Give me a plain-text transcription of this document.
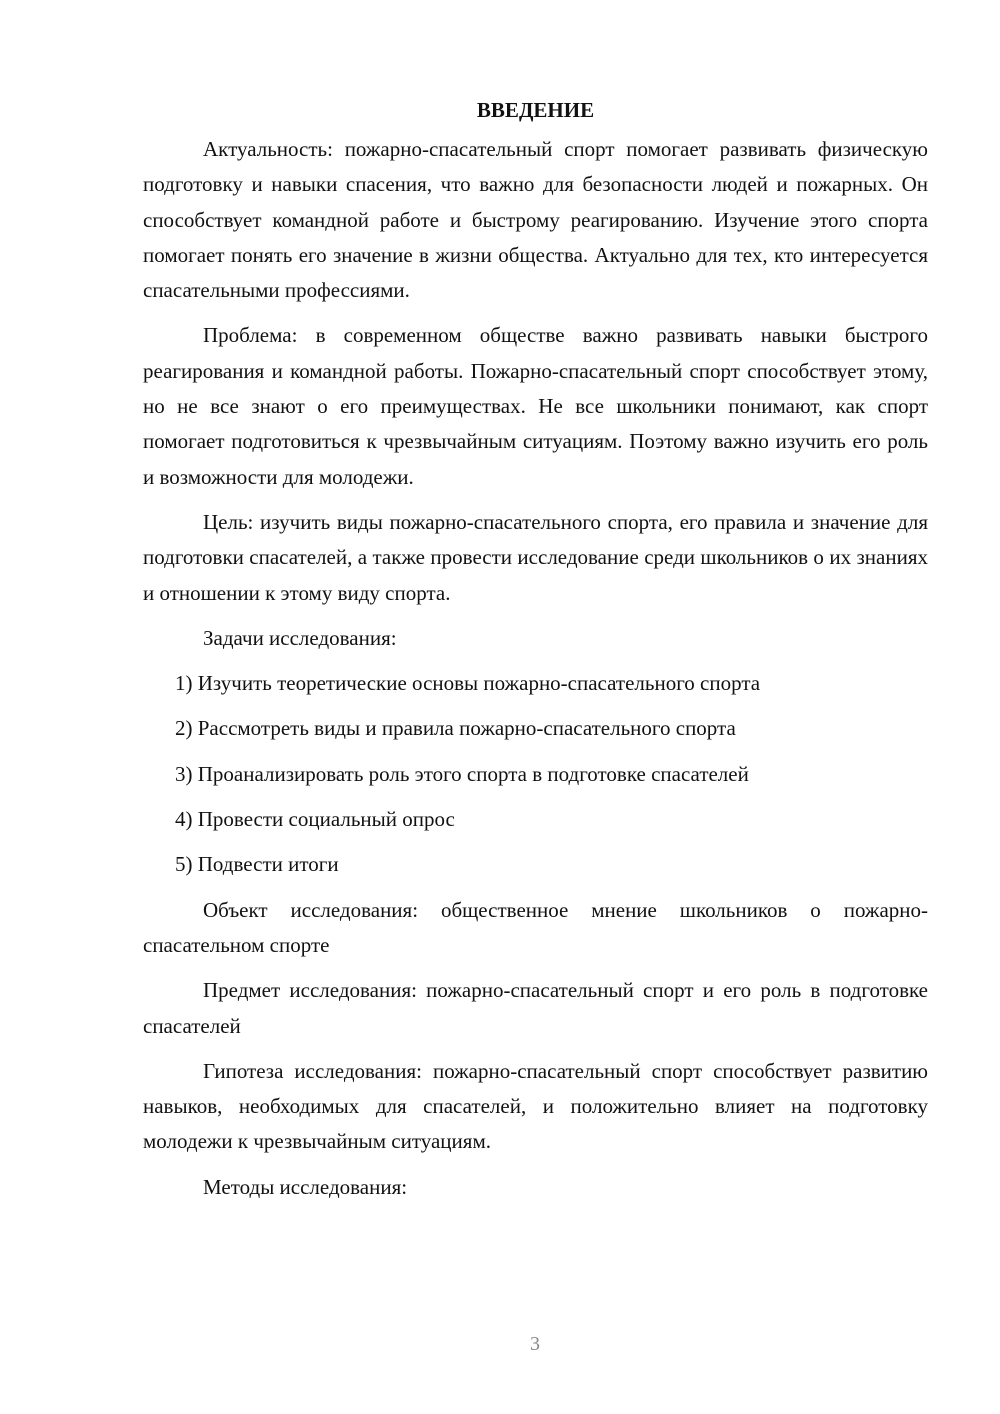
ВВЕДЕНИЕ

Актуальность: пожарно-спасательный спорт помогает развивать физическую подготовку и навыки спасения, что важно для безопасности людей и пожарных. Он способствует командной работе и быстрому реагированию. Изучение этого спорта помогает понять его значение в жизни общества. Актуально для тех, кто интересуется спасательными профессиями.

Проблема: в современном обществе важно развивать навыки быстрого реагирования и командной работы. Пожарно-спасательный спорт способствует этому, но не все знают о его преимуществах. Не все школьники понимают, как спорт помогает подготовиться к чрезвычайным ситуациям. Поэтому важно изучить его роль и возможности для молодежи.

Цель: изучить виды пожарно-спасательного спорта, его правила и значение для подготовки спасателей, а также провести исследование среди школьников о их знаниях и отношении к этому виду спорта.

Задачи исследования:

1) Изучить теоретические основы пожарно-спасательного спорта
2) Рассмотреть виды и правила пожарно-спасательного спорта
3) Проанализировать роль этого спорта в подготовке спасателей
4) Провести социальный опрос
5) Подвести итоги

Объект исследования: общественное мнение школьников о пожарно-спасательном спорте

Предмет исследования: пожарно-спасательный спорт и его роль в подготовке спасателей

Гипотеза исследования: пожарно-спасательный спорт способствует развитию навыков, необходимых для спасателей, и положительно влияет на подготовку молодежи к чрезвычайным ситуациям.

Методы исследования:

3
